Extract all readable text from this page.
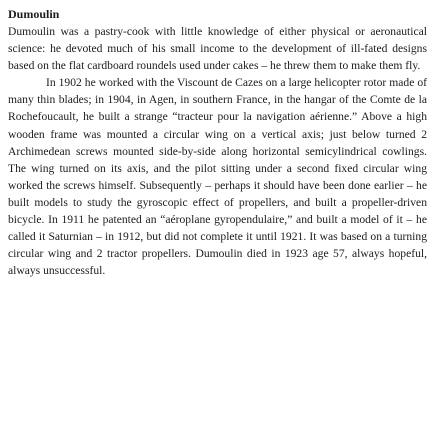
Dumoulin

Dumoulin was a pastry-cook with little knowledge of either physical or aeronautical science: he devoted much of his small income to the development of ill-fated designs based on the flat cardboard roundels used under cakes – he threw them to make them fly.

In 1902 he worked with the Viscount de Cazes on a large helicopter rotor made of many thin blades; in 1904, in Agen, in southern France, in the hangar of the Comte de la Rochefoucault, he built a strange “tracteur pour la navigation aérienne.” Above a high wooden frame was mounted a circular wing on a vertical axis; just below turned 2 Archimedean screws mounted side-by-side along horizontal semicylindrical cowlings. The wing turned on its axis, and the pilot sitting under a second fixed circular wing worked the screws himself. Subsequently – perhaps it should have been done earlier – he built models to study the gyroscopic effect of propellers, and built a propeller-driven bicycle. In 1911 he patented an “aéroplane gyropendulaire,” and built a model of it – he called it Saturnian – in 1912, but did not complete it until 1921. It was based on a turning circular wing and 2 tractor propellers. Dumoulin died in 1923 age 57, always hopeful, always unsuccessful.
